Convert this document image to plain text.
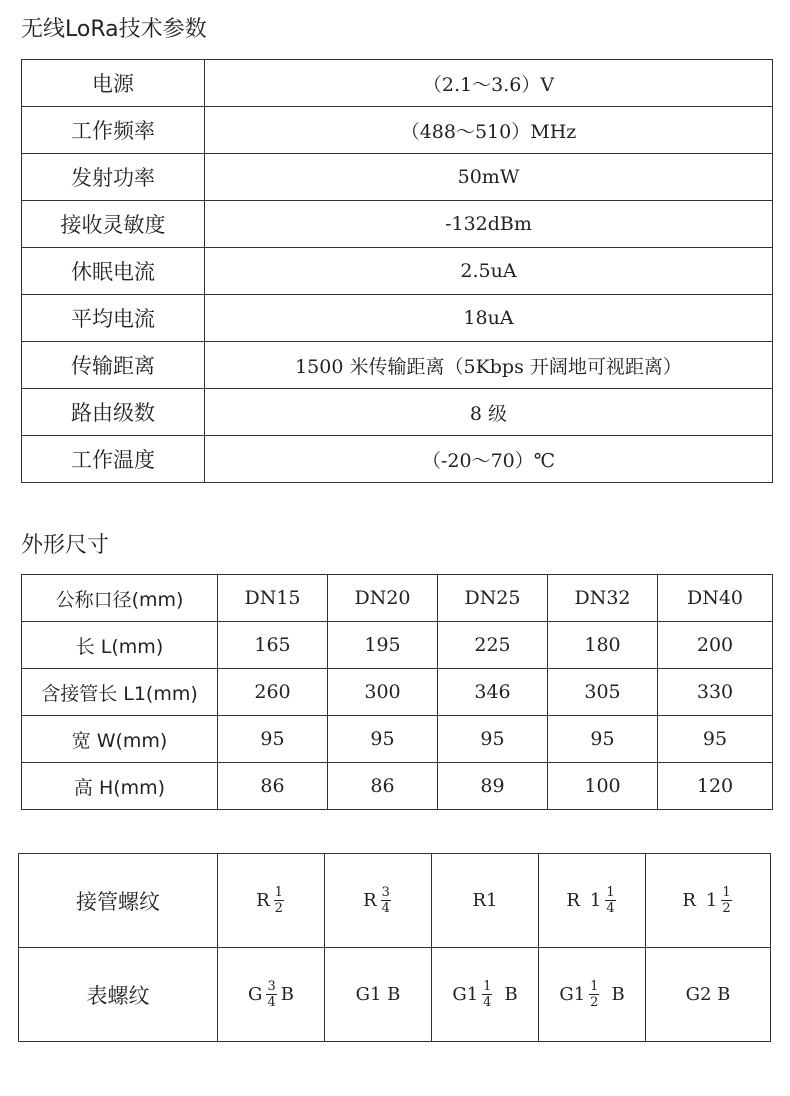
无线LoRa技术参数
电源	（2.1～3.6）V
工作频率	（488～510）MHz
发射功率	50mW
接收灵敏度	-132dBm
休眠电流	2.5uA
平均电流	18uA
传输距离	1500 米传输距离（5Kbps 开阔地可视距离）
路由级数	8 级
工作温度	（-20～70）℃
外形尺寸
公称口径(mm)	DN15	DN20	DN25	DN32	DN40
长 L(mm)	165	195	225	180	200
含接管长 L1(mm)	260	300	346	305	330
宽 W(mm)	95	95	95	95	95
高 H(mm)	86	86	89	100	120
接管螺纹	R $\frac{1}{2}$	R $\frac{3}{4}$	R1	R $1 \frac{1}{4}$	R $1 \frac{1}{2}$

表螺纹	G $\frac{3}{4}$ B	G1 B	$G1 \frac{1}{4}$ B	$G1 \frac{1}{2}$ B	G2 B
